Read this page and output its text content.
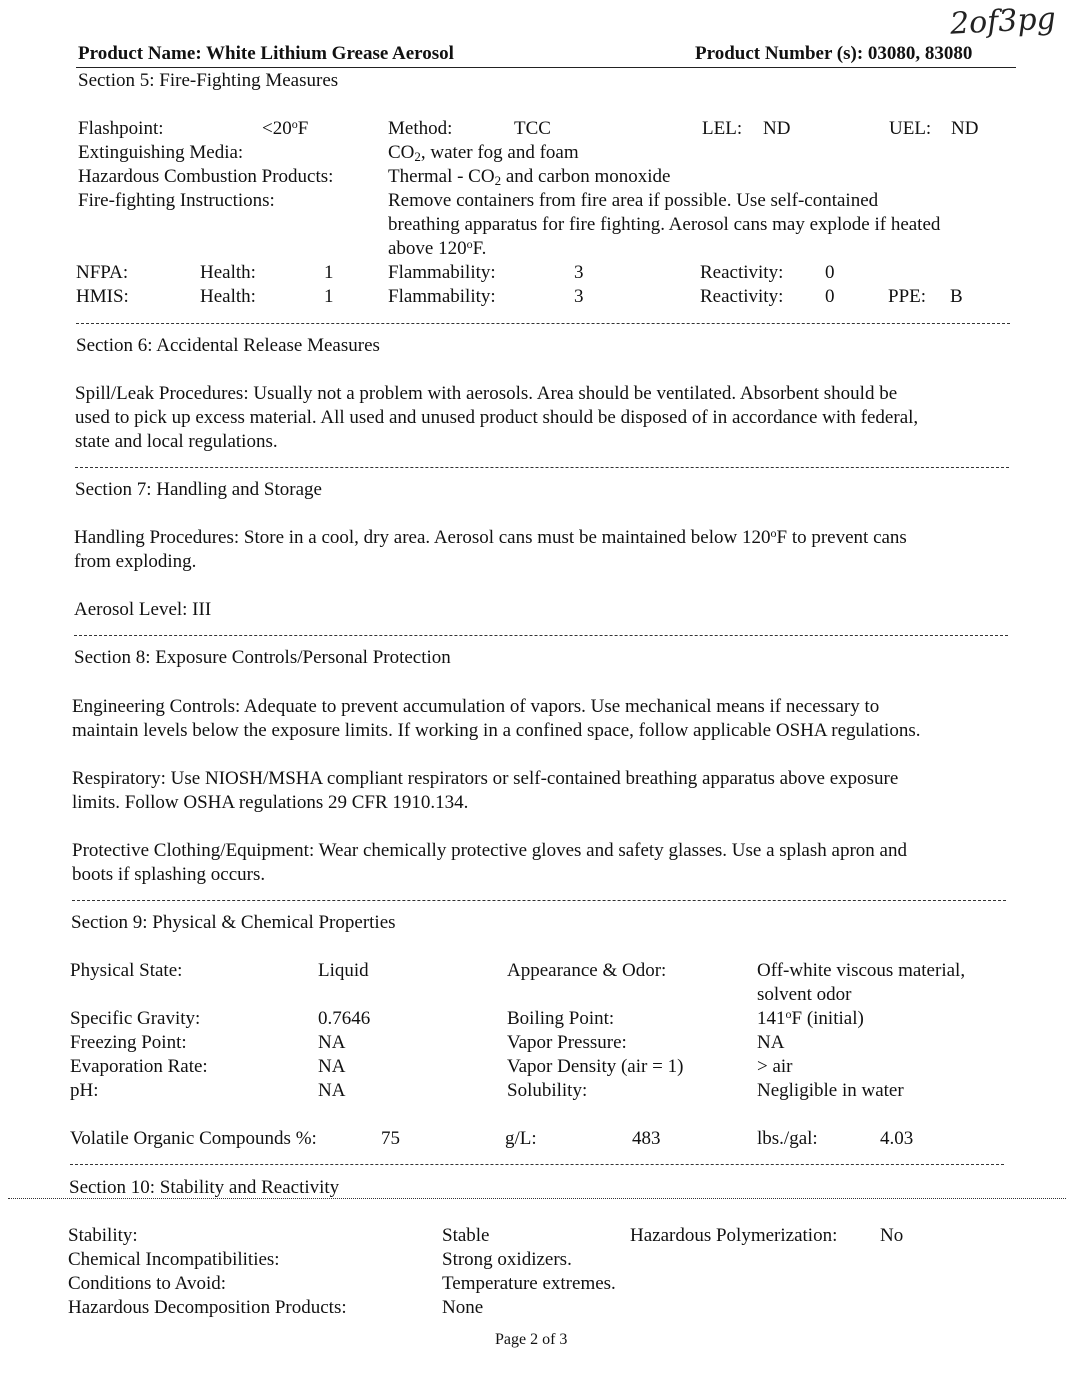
Product Name: White Lithium Grease Aerosol	Product Number (s): 03080, 83080
2of3pg
Section 5: Fire-Fighting Measures
Flashpoint:	$<20^oF$	Method:	TCC	LEL: ND	UEL: ND
Extinguishing Media:	$CO_2$, water fog and foam
Hazardous Combustion Products:	Thermal - $CO_2$ and carbon monoxide
Fire-fighting Instructions:	Remove containers from fire area if possible. Use self-contained
breathing apparatus for fire fighting. Aerosol cans may explode if heated
above 120$^o$F.
NFPA:	Health:	1	Flammability:	3	Reactivity: 0
HMIS:	Health:	1	Flammability:	3	Reactivity: 0	PPE: B
Section 6: Accidental Release Measures
Spill/Leak Procedures: Usually not a problem with aerosols. Area should be ventilated. Absorbent should be
used to pick up excess material. All used and unused product should be disposed of in accordance with federal,
state and local regulations.
Section 7: Handling and Storage
Handling Procedures: Store in a cool, dry area. Aerosol cans must be maintained below 120$^o$F to prevent cans
from exploding.
Aerosol Level: III
Section 8: Exposure Controls/Personal Protection
Engineering Controls: Adequate to prevent accumulation of vapors. Use mechanical means if necessary to
maintain levels below the exposure limits. If working in a confined space, follow applicable OSHA regulations.
Respiratory: Use NIOSH/MSHA compliant respirators or self-contained breathing apparatus above exposure
limits. Follow OSHA regulations 29 CFR 1910.134.
Protective Clothing/Equipment: Wear chemically protective gloves and safety glasses. Use a splash apron and
boots if splashing occurs.
Section 9: Physical & Chemical Properties
Physical State:	Liquid	Appearance & Odor:	Off-white viscous material,
solvent odor
Specific Gravity:	0.7646	Boiling Point:	141$^o$F (initial)
Freezing Point:	NA	Vapor Pressure:	NA
Evaporation Rate:	NA	Vapor Density (air = 1)	> air
pH:	NA	Solubility:	Negligible in water
Volatile Organic Compounds %:	75	g/L:	483	lbs./gal:	4.03
Section 10: Stability and Reactivity
Stability:	Stable	Hazardous Polymerization: No
Chemical Incompatibilities:	Strong oxidizers.
Conditions to Avoid:	Temperature extremes.
Hazardous Decomposition Products:	None
Page 2 of 3
